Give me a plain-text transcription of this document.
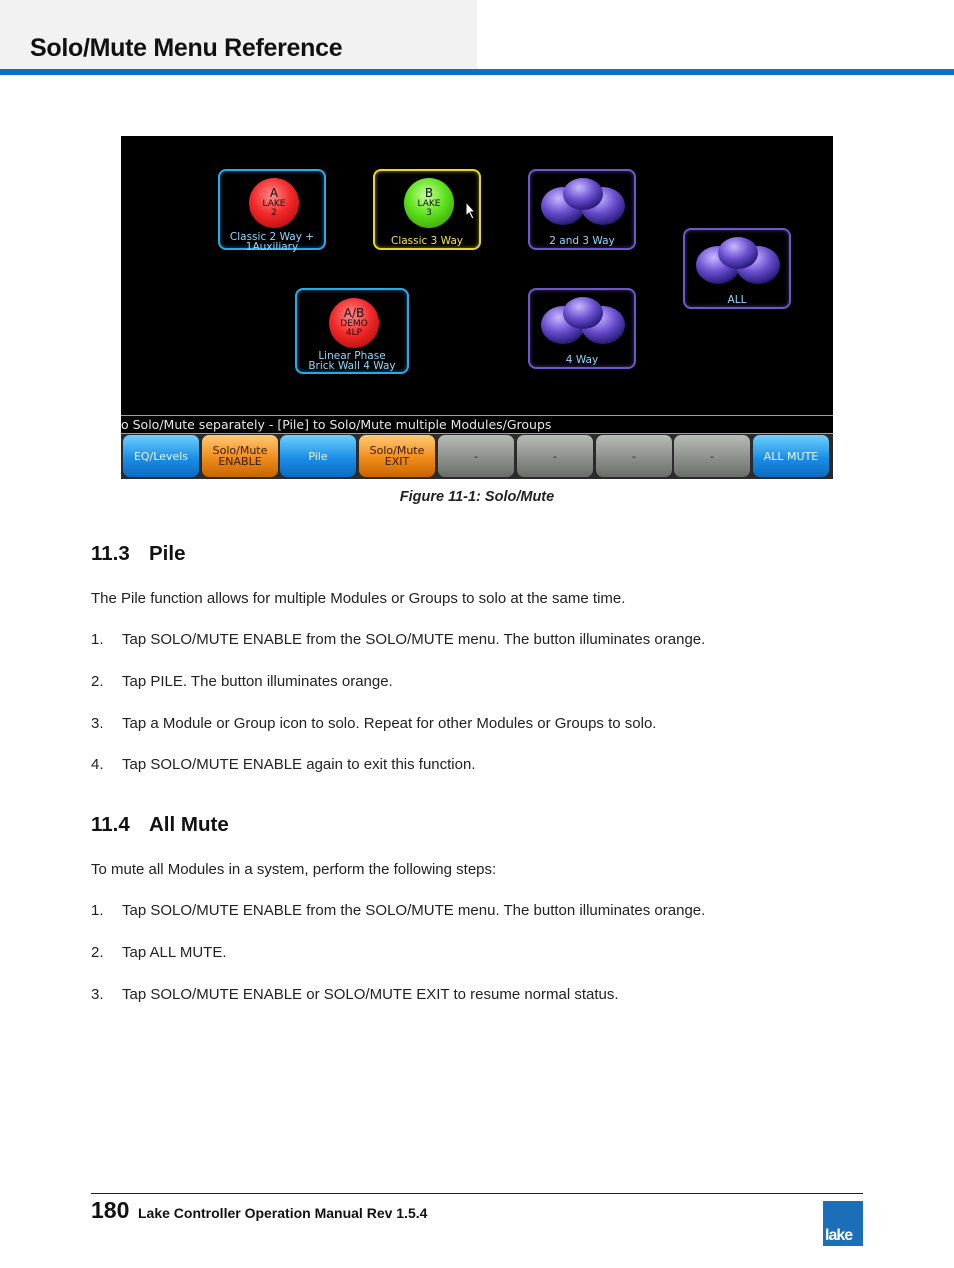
Solo/Mute Menu Reference
A
LAKE
2
Classic 2 Way +
1Auxiliary
B
LAKE
3
Classic 3 Way	2 and 3 Way
ALL
A/B
DEMO
4LP
Linear Phase
Brick Wall 4 Way	4 Way
o Solo/Mute separately - [Pile] to Solo/Mute multiple Modules/Groups
EQ/Levels Solo/Mute
ENABLE	Pile	Solo/Mute
EXIT	-	-	-	-	ALL MUTE
Figure 11-1: Solo/Mute
11.3 Pile
The Pile function allows for multiple Modules or Groups to solo at the same time.
1. Tap SOLO/MUTE ENABLE from the SOLO/MUTE menu. The button illuminates orange.
2. Tap PILE. The button illuminates orange.
3. Tap a Module or Group icon to solo. Repeat for other Modules or Groups to solo.
4. Tap SOLO/MUTE ENABLE again to exit this function.
11.4 All Mute
To mute all Modules in a system, perform the following steps:
1. Tap SOLO/MUTE ENABLE from the SOLO/MUTE menu. The button illuminates orange.
2. Tap ALL MUTE.
3. Tap SOLO/MUTE ENABLE or SOLO/MUTE EXIT to resume normal status.
180 Lake Controller Operation Manual Rev 1.5.4
lake
